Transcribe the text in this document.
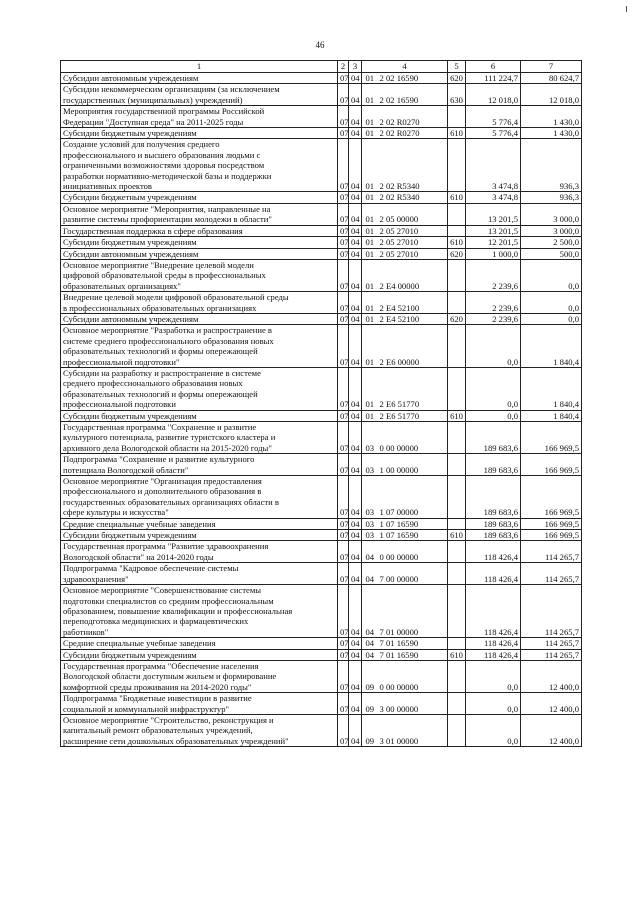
46
1	2	3	4		5	6	7
Субсидии автономным учреждениям	07	04	01	2 02 16590	620	111 224,7	80 624,7
Субсидии некоммерческим организациям (за исключением
государственных (муниципальных) учреждений)	07	04	01	2 02 16590	630	12 018,0	12 018,0
Мероприятия государственной программы Российской
Федерации "Доступная среда" на 2011-2025 годы	07	04	01	2 02 R0270		5 776,4	1 430,0
Субсидии бюджетным учреждениям	07	04	01	2 02 R0270	610	5 776,4	1 430,0
Создание условий для получения среднего
профессионального и высшего образования людьми с
ограниченными возможностями здоровья посредством
разработки нормативно-методической базы и поддержки
инициативных проектов	07	04	01	2 02 R5340		3 474,8	936,3
Субсидии бюджетным учреждениям	07	04	01	2 02 R5340	610	3 474,8	936,3
Основное мероприятие "Мероприятия, направленные на
развитие системы профориентации молодежи в области"	07	04	01	2 05 00000		13 201,5	3 000,0
Государственная поддержка в сфере образования	07	04	01	2 05 27010		13 201,5	3 000,0
Субсидии бюджетным учреждениям	07	04	01	2 05 27010	610	12 201,5	2 500,0
Субсидии автономным учреждениям	07	04	01	2 05 27010	620	1 000,0	500,0
Основное мероприятие "Внедрение целевой модели
цифровой образовательной среды в профессиональных
образовательных организациях"	07	04	01	2 E4 00000		2 239,6	0,0
Внедрение целевой модели цифровой образовательной среды
в профессиональных образовательных организациях	07	04	01	2 E4 52100		2 239,6	0,0
Субсидии автономным учреждениям	07	04	01	2 E4 52100	620	2 239,6	0,0
Основное мероприятие "Разработка и распространение в
системе среднего профессионального образования новых
образовательных технологий и формы опережающей
профессиональной подготовки"	07	04	01	2 E6 00000		0,0	1 840,4
Субсидии на разработку и распространение в системе
среднего профессионального образования новых
образовательных технологий и формы опережающей
профессиональной подготовки	07	04	01	2 E6 51770		0,0	1 840,4
Субсидии бюджетным учреждениям	07	04	01	2 E6 51770	610	0,0	1 840,4
Государственная программа "Сохранение и развитие
культурного потенциала, развитие туристского кластера и
архивного дела Вологодской области на 2015-2020 годы"	07	04	03	0 00 00000		189 683,6	166 969,5
Подпрограмма "Сохранение и развитие культурного
потенциала Вологодской области"	07	04	03	1 00 00000		189 683,6	166 969,5
Основное мероприятие "Организация предоставления
профессионального и дополнительного образования в
государственных образовательных организациях области в
сфере культуры и искусства"	07	04	03	1 07 00000		189 683,6	166 969,5
Средние специальные учебные заведения	07	04	03	1 07 16590		189 683,6	166 969,5
Субсидии бюджетным учреждениям	07	04	03	1 07 16590	610	189 683,6	166 969,5
Государственная программа "Развитие здравоохранения
Вологодской области" на 2014-2020 годы	07	04	04	0 00 00000		118 426,4	114 265,7
Подпрограмма "Кадровое обеспечение системы
здравоохранения"	07	04	04	7 00 00000		118 426,4	114 265,7
Основное мероприятие "Совершенствование системы
подготовки специалистов со средним профессиональным
образованием, повышение квалификации и профессиональная
переподготовка медицинских и фармацевтических
работников"	07	04	04	7 01 00000		118 426,4	114 265,7
Средние специальные учебные заведения	07	04	04	7 01 16590		118 426,4	114 265,7
Субсидии бюджетным учреждениям	07	04	04	7 01 16590	610	118 426,4	114 265,7
Государственная программа "Обеспечение населения
Вологодской области доступным жильем и формирование
комфортной среды проживания на 2014-2020 годы"	07	04	09	0 00 00000		0,0	12 400,0
Подпрограмма "Бюджетные инвестиции в развитие
социальной и коммунальной инфраструктур"	07	04	09	3 00 00000		0,0	12 400,0
Основное мероприятие "Строительство, реконструкция и
капитальный ремонт образовательных учреждений,
расширение сети дошкольных образовательных учреждений"	07	04	09	3 01 00000		0,0	12 400,0
